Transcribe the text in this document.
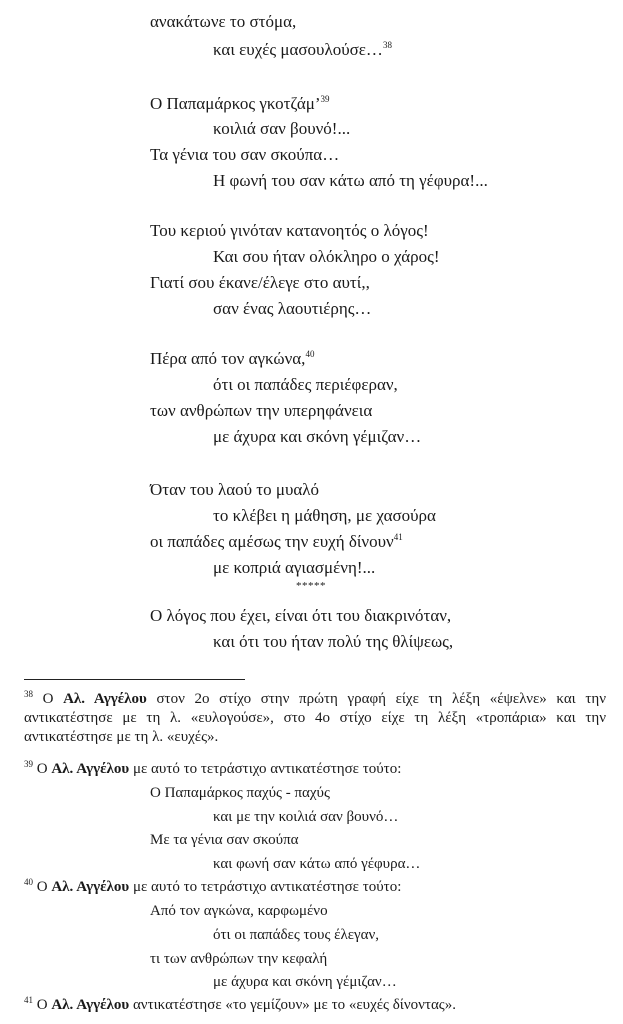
ανακάτωνε το στόμα,
και ευχές μασουλούσε…$^{38}$
Ο Παπαμάρκος γκοτζάμ’$^{39}$
κοιλιά σαν βουνό!...
Τα γένια του σαν σκούπα…
Η φωνή του σαν κάτω από τη γέφυρα!...
Του κεριού γινόταν κατανοητός ο λόγος!
Και σου ήταν ολόκληρο ο χάρος!
Γιατί σου έκανε/έλεγε στο αυτί,,
σαν ένας λαουτιέρης…
Πέρα από τον αγκώνα,$^{40}$
ότι οι παπάδες περιέφεραν,
των ανθρώπων την υπερηφάνεια
με άχυρα και σκόνη γέμιζαν…
Όταν του λαού το μυαλό
το κλέβει η μάθηση, με χασούρα
οι παπάδες αμέσως την ευχή δίνουν$^{41}$
με κοπριά αγιασμένη!...
*****
Ο λόγος που έχει, είναι ότι του διακρινόταν,
και ότι του ήταν πολύ της θλίψεως,
$^{38}$ Ο Αλ. Αγγέλου στον 2ο στίχο στην πρώτη γραφή είχε τη λέξη «έψελνε» και την αντικατέστησε με τη λ. «ευλογούσε», στο 4ο στίχο είχε τη λέξη «τροπάρια» και την αντικατέστησε με τη λ. «ευχές».
$^{39}$ Ο Αλ. Αγγέλου με αυτό το τετράστιχο αντικατέστησε τούτο:
Ο Παπαμάρκος παχύς - παχύς
και με την κοιλιά σαν βουνό…
Με τα γένια σαν σκούπα
και φωνή σαν κάτω από γέφυρα…
$^{40}$ Ο Αλ. Αγγέλου με αυτό το τετράστιχο αντικατέστησε τούτο:
Από τον αγκώνα, καρφωμένο
ότι οι παπάδες τους έλεγαν,
τι των ανθρώπων την κεφαλή
με άχυρα και σκόνη γέμιζαν…
$^{41}$ Ο Αλ. Αγγέλου αντικατέστησε «το γεμίζουν» με το «ευχές δίνοντας».
